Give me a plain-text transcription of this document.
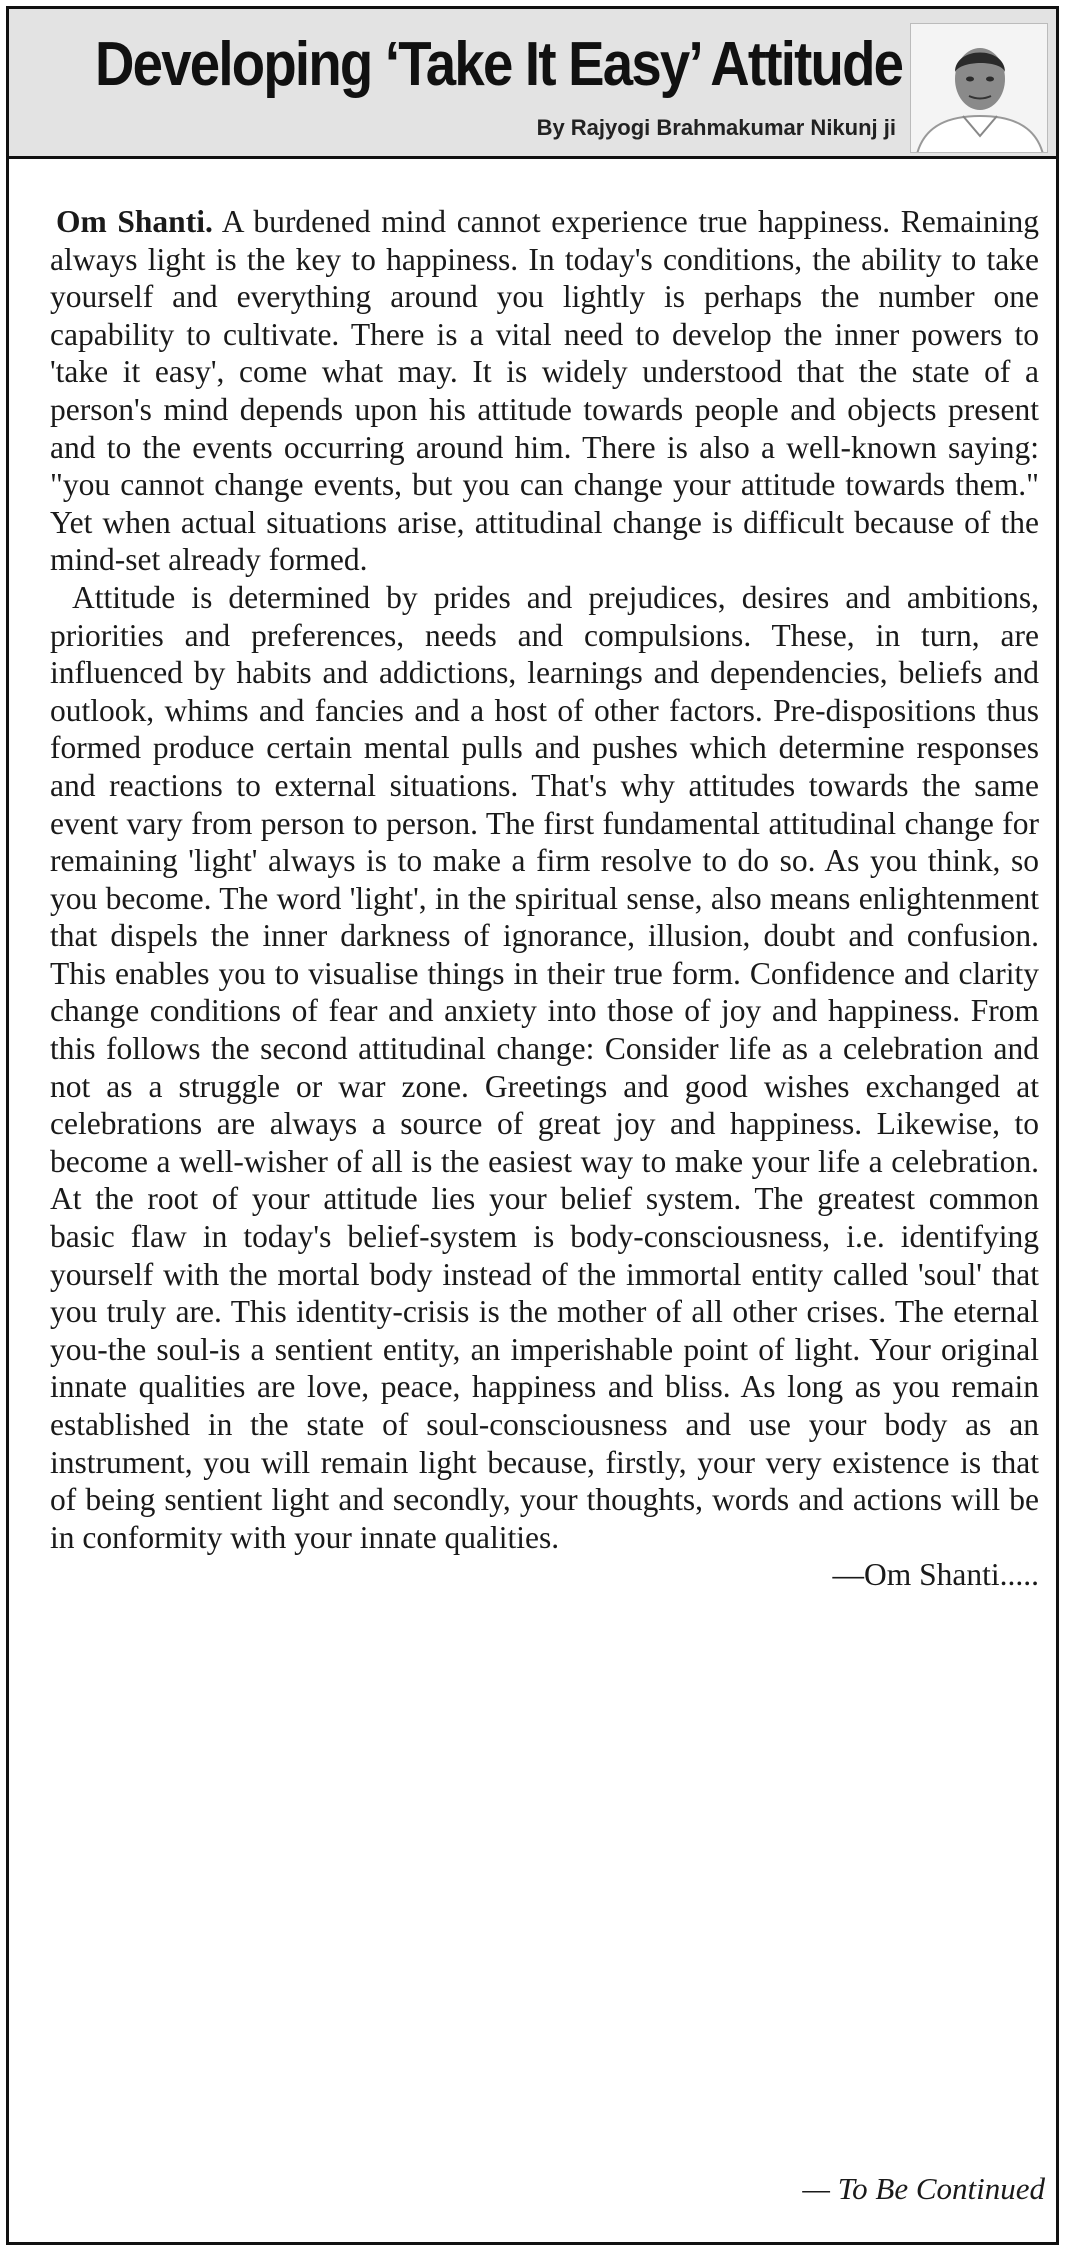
Developing ‘Take It Easy’ Attitude
By Rajyogi Brahmakumar Nikunj ji

Om Shanti. A burdened mind cannot experience true happiness. Remaining always light is the key to happiness. In today's conditions, the ability to take yourself and everything around you lightly is perhaps the number one capability to cultivate. There is a vital need to develop the inner powers to 'take it easy', come what may. It is widely understood that the state of a person's mind depends upon his attitude towards people and objects present and to the events occurring around him. There is also a well-known saying: "you cannot change events, but you can change your attitude towards them." Yet when actual situations arise, attitudinal change is difficult because of the mind-set already formed.

Attitude is determined by prides and prejudices, desires and ambitions, priorities and preferences, needs and compulsions. These, in turn, are influenced by habits and addictions, learnings and dependencies, beliefs and outlook, whims and fancies and a host of other factors. Pre-dispositions thus formed produce certain mental pulls and pushes which determine responses and reactions to external situations. That's why attitudes towards the same event vary from person to person. The first fundamental attitudinal change for remaining 'light' always is to make a firm resolve to do so. As you think, so you become. The word 'light', in the spiritual sense, also means enlightenment that dispels the inner darkness of ignorance, illusion, doubt and confusion. This enables you to visualise things in their true form. Confidence and clarity change conditions of fear and anxiety into those of joy and happiness. From this follows the second attitudinal change: Consider life as a celebration and not as a struggle or war zone. Greetings and good wishes exchanged at celebrations are always a source of great joy and happiness. Likewise, to become a well-wisher of all is the easiest way to make your life a celebration. At the root of your attitude lies your belief system. The greatest common basic flaw in today's belief-system is body-consciousness, i.e. identifying yourself with the mortal body instead of the immortal entity called 'soul' that you truly are. This identity-crisis is the mother of all other crises. The eternal you-the soul-is a sentient entity, an imperishable point of light. Your original innate qualities are love, peace, happiness and bliss. As long as you remain established in the state of soul-consciousness and use your body as an instrument, you will remain light because, firstly, your very existence is that of being sentient light and secondly, your thoughts, words and actions will be in conformity with your innate qualities.

—Om Shanti.....
— To Be Continued
